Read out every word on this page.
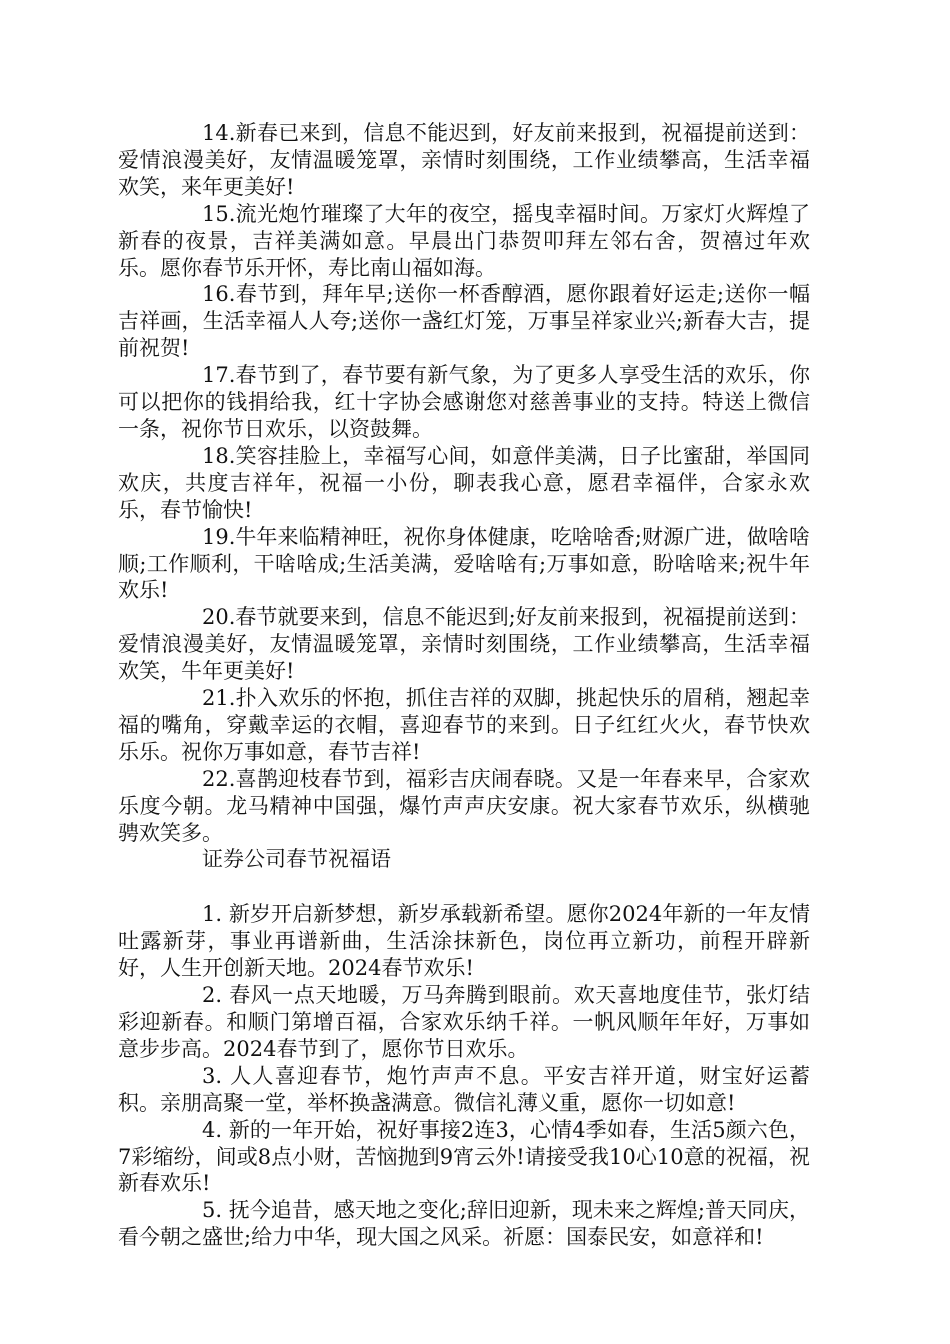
14.新春已来到，信息不能迟到，好友前来报到，祝福提前送到：爱情浪漫美好，友情温暖笼罩，亲情时刻围绕，工作业绩攀高，生活幸福欢笑，来年更美好!

15.流光炮竹璀璨了大年的夜空，摇曳幸福时间。万家灯火辉煌了新春的夜景，吉祥美满如意。早晨出门恭贺叩拜左邻右舍，贺禧过年欢乐。愿你春节乐开怀，寿比南山福如海。

16.春节到，拜年早;送你一杯香醇酒，愿你跟着好运走;送你一幅吉祥画，生活幸福人人夸;送你一盏红灯笼，万事呈祥家业兴;新春大吉，提前祝贺!

17.春节到了，春节要有新气象，为了更多人享受生活的欢乐，你可以把你的钱捐给我，红十字协会感谢您对慈善事业的支持。特送上微信一条，祝你节日欢乐，以资鼓舞。

18.笑容挂脸上，幸福写心间，如意伴美满，日子比蜜甜，举国同欢庆，共度吉祥年，祝福一小份，聊表我心意，愿君幸福伴，合家永欢乐，春节愉快!

19.牛年来临精神旺，祝你身体健康，吃啥啥香;财源广进，做啥啥顺;工作顺利，干啥啥成;生活美满，爱啥啥有;万事如意，盼啥啥来;祝牛年欢乐!

20.春节就要来到，信息不能迟到;好友前来报到，祝福提前送到：爱情浪漫美好，友情温暖笼罩，亲情时刻围绕，工作业绩攀高，生活幸福欢笑，牛年更美好!

21.扑入欢乐的怀抱，抓住吉祥的双脚，挑起快乐的眉稍，翘起幸福的嘴角，穿戴幸运的衣帽，喜迎春节的来到。日子红红火火，春节快欢乐乐。祝你万事如意，春节吉祥!

22.喜鹊迎枝春节到，福彩吉庆闹春晓。又是一年春来早，合家欢乐度今朝。龙马精神中国强，爆竹声声庆安康。祝大家春节欢乐，纵横驰骋欢笑多。

证券公司春节祝福语

1. 新岁开启新梦想，新岁承载新希望。愿你2024年新的一年友情吐露新芽，事业再谱新曲，生活涂抹新色，岗位再立新功，前程开辟新好，人生开创新天地。2024春节欢乐!

2. 春风一点天地暖，万马奔腾到眼前。欢天喜地度佳节，张灯结彩迎新春。和顺门第增百福，合家欢乐纳千祥。一帆风顺年年好，万事如意步步高。2024春节到了，愿你节日欢乐。

3. 人人喜迎春节，炮竹声声不息。平安吉祥开道，财宝好运蓄积。亲朋高聚一堂，举杯换盏满意。微信礼薄义重，愿你一切如意!

4. 新的一年开始，祝好事接2连3，心情4季如春，生活5颜六色，7彩缩纷，间或8点小财，苦恼抛到9宵云外!请接受我10心10意的祝福，祝新春欢乐!

5. 抚今追昔，感天地之变化;辞旧迎新，现未来之辉煌;普天同庆，看今朝之盛世;给力中华，现大国之风采。祈愿：国泰民安，如意祥和!
